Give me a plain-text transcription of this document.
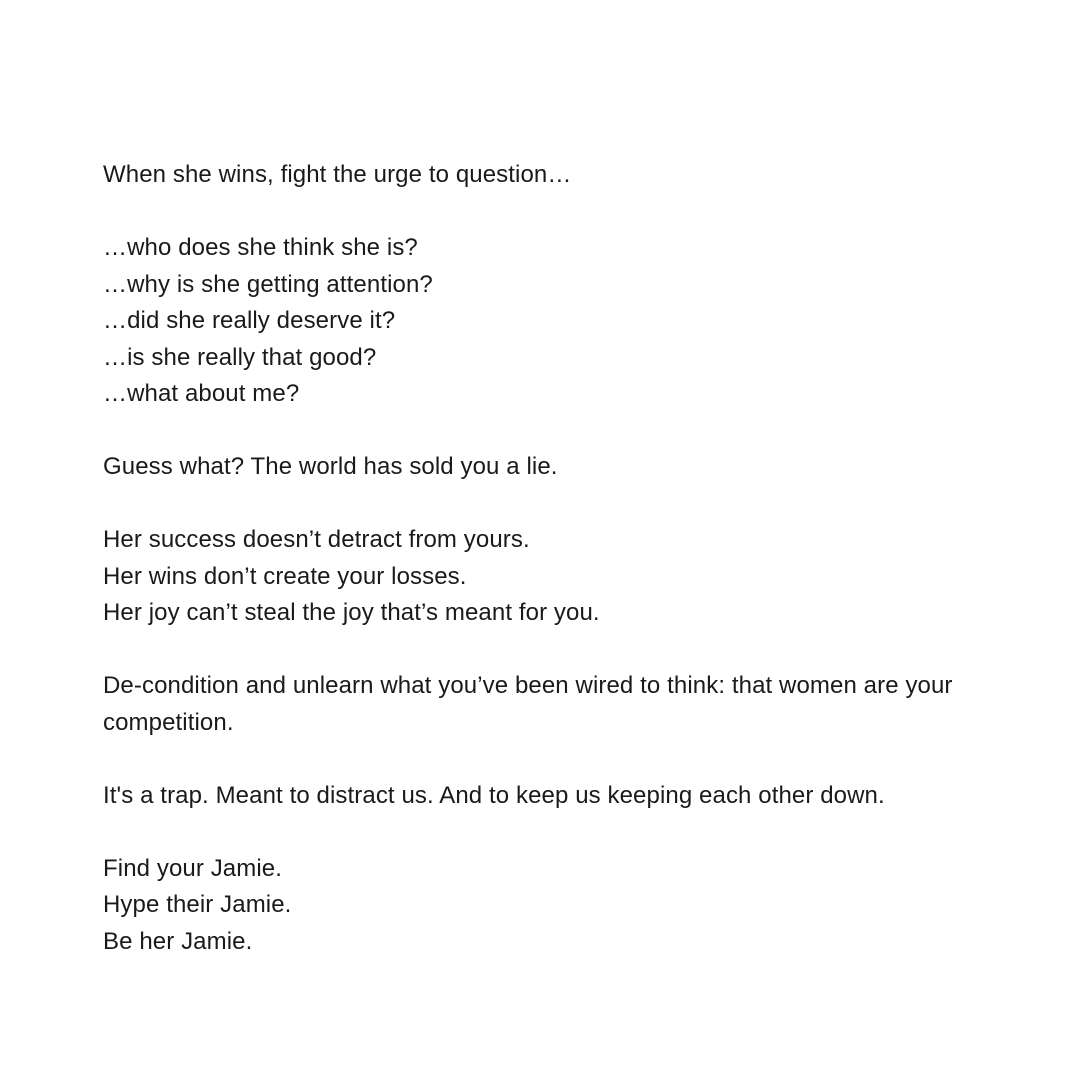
When she wins, fight the urge to question…
…who does she think she is?
…why is she getting attention?
…did she really deserve it?
…is she really that good?
…what about me?
Guess what? The world has sold you a lie.
Her success doesn’t detract from yours.
Her wins don’t create your losses.
Her joy can’t steal the joy that’s meant for you.
De-condition and unlearn what you’ve been wired to think: that women are your competition.
It's a trap. Meant to distract us. And to keep us keeping each other down.
Find your Jamie.
Hype their Jamie.
Be her Jamie.
